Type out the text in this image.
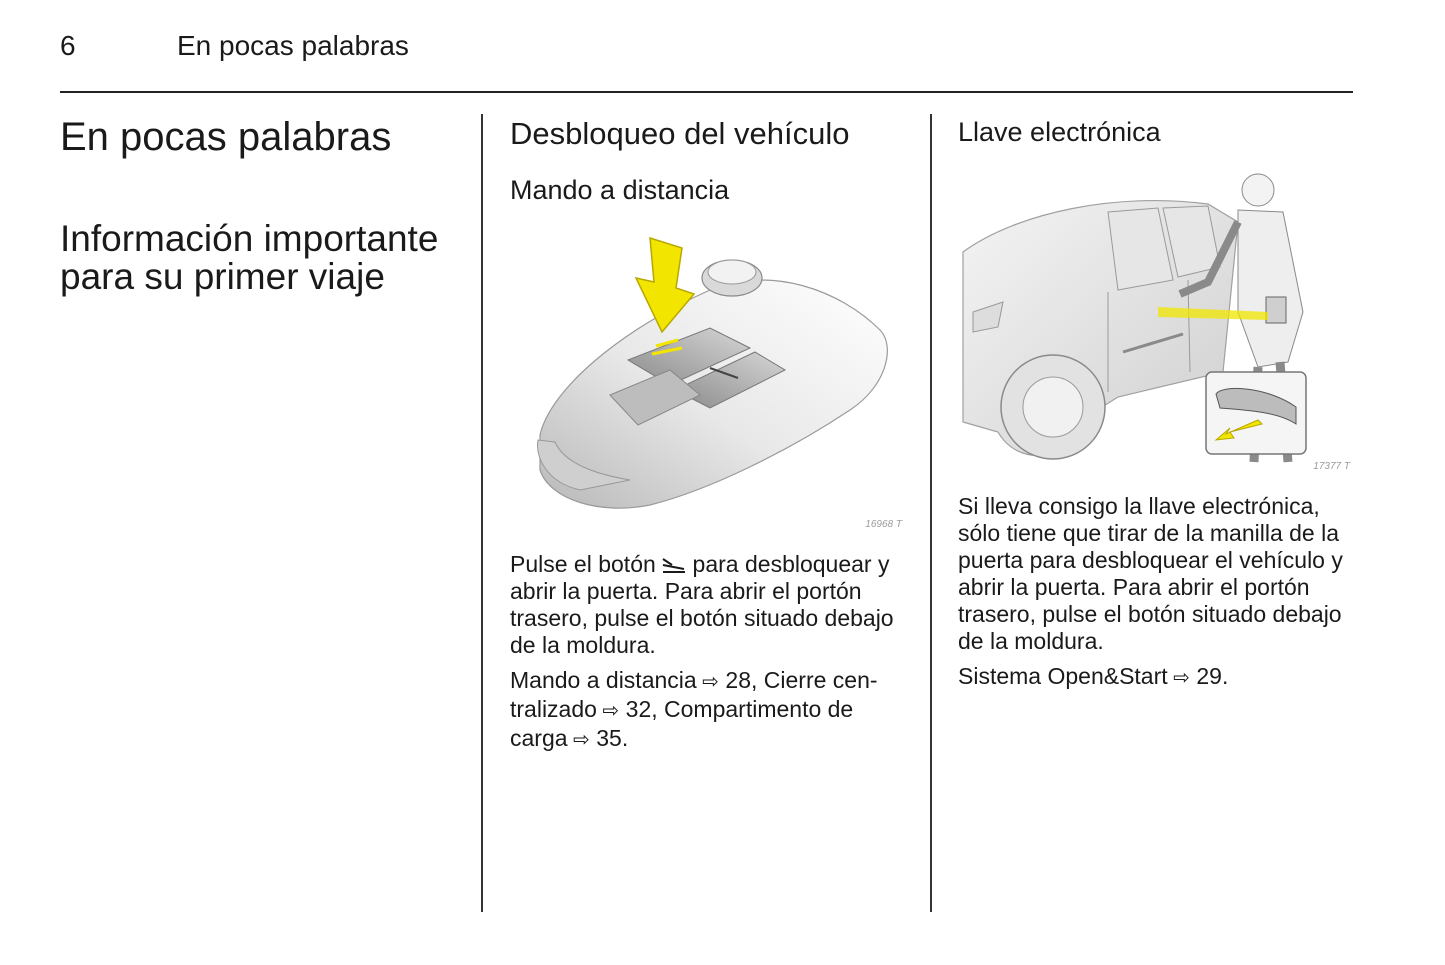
6	En pocas palabras
En pocas palabras
Información importante
para su primer viaje
Desbloqueo del vehículo
Mando a distancia
16968 T

Pulse el botón  para desbloquear y abrir la puerta. Para abrir el portón trasero, pulse el botón situado debajo de la moldura.

Mando a distancia ⇨ 28, Cierre cen-
tralizado ⇨ 32, Compartimento de
carga ⇨ 35.

Llave electrónica
17377 T

Si lleva consigo la llave electrónica, sólo tiene que tirar de la manilla de la puerta para desbloquear el vehículo y abrir la puerta. Para abrir el portón trasero, pulse el botón situado debajo de la moldura.

Sistema Open&Start ⇨ 29.
